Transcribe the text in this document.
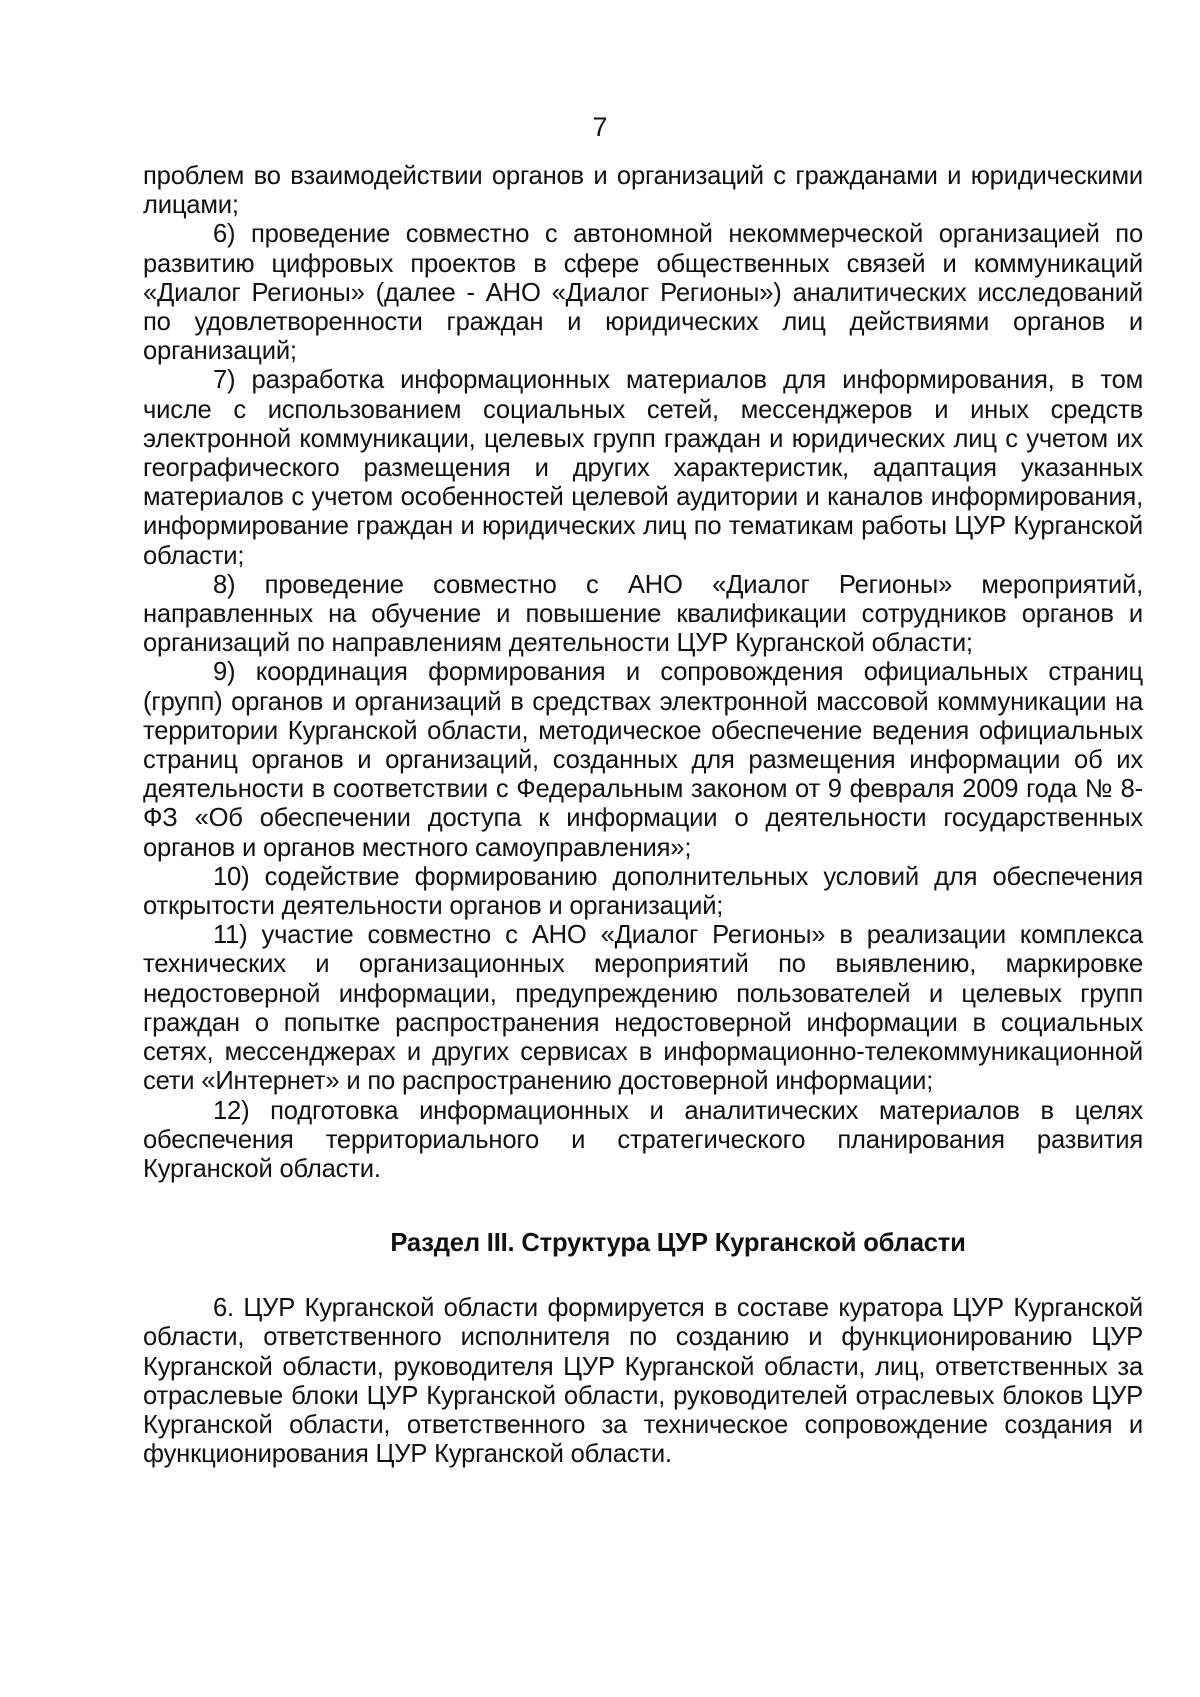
7

проблем во взаимодействии органов и организаций с гражданами и юридическими лицами;

6) проведение совместно с автономной некоммерческой организацией по развитию цифровых проектов в сфере общественных связей и коммуникаций «Диалог Регионы» (далее - АНО «Диалог Регионы») аналитических исследований по удовлетворенности граждан и юридических лиц действиями органов и организаций;

7) разработка информационных материалов для информирования, в том числе с использованием социальных сетей, мессенджеров и иных средств электронной коммуникации, целевых групп граждан и юридических лиц с учетом их географического размещения и других характеристик, адаптация указанных материалов с учетом особенностей целевой аудитории и каналов информирования, информирование граждан и юридических лиц по тематикам работы ЦУР Курганской области;

8) проведение совместно с АНО «Диалог Регионы» мероприятий, направленных на обучение и повышение квалификации сотрудников органов и организаций по направлениям деятельности ЦУР Курганской области;

9) координация формирования и сопровождения официальных страниц (групп) органов и организаций в средствах электронной массовой коммуникации на территории Курганской области, методическое обеспечение ведения официальных страниц органов и организаций, созданных для размещения информации об их деятельности в соответствии с Федеральным законом от 9 февраля 2009 года № 8-ФЗ «Об обеспечении доступа к информации о деятельности государственных органов и органов местного самоуправления»;

10) содействие формированию дополнительных условий для обеспечения открытости деятельности органов и организаций;

11) участие совместно с АНО «Диалог Регионы» в реализации комплекса технических и организационных мероприятий по выявлению, маркировке недостоверной информации, предупреждению пользователей и целевых групп граждан о попытке распространения недостоверной информации в социальных сетях, мессенджерах и других сервисах в информационно-телекоммуникационной сети «Интернет» и по распространению достоверной информации;

12) подготовка информационных и аналитических материалов в целях обеспечения территориального и стратегического планирования развития Курганской области.

Раздел III. Структура ЦУР Курганской области

6. ЦУР Курганской области формируется в составе куратора ЦУР Курганской области, ответственного исполнителя по созданию и функционированию ЦУР Курганской области, руководителя ЦУР Курганской области, лиц, ответственных за отраслевые блоки ЦУР Курганской области, руководителей отраслевых блоков ЦУР Курганской области, ответственного за техническое сопровождение создания и функционирования ЦУР Курганской области.
